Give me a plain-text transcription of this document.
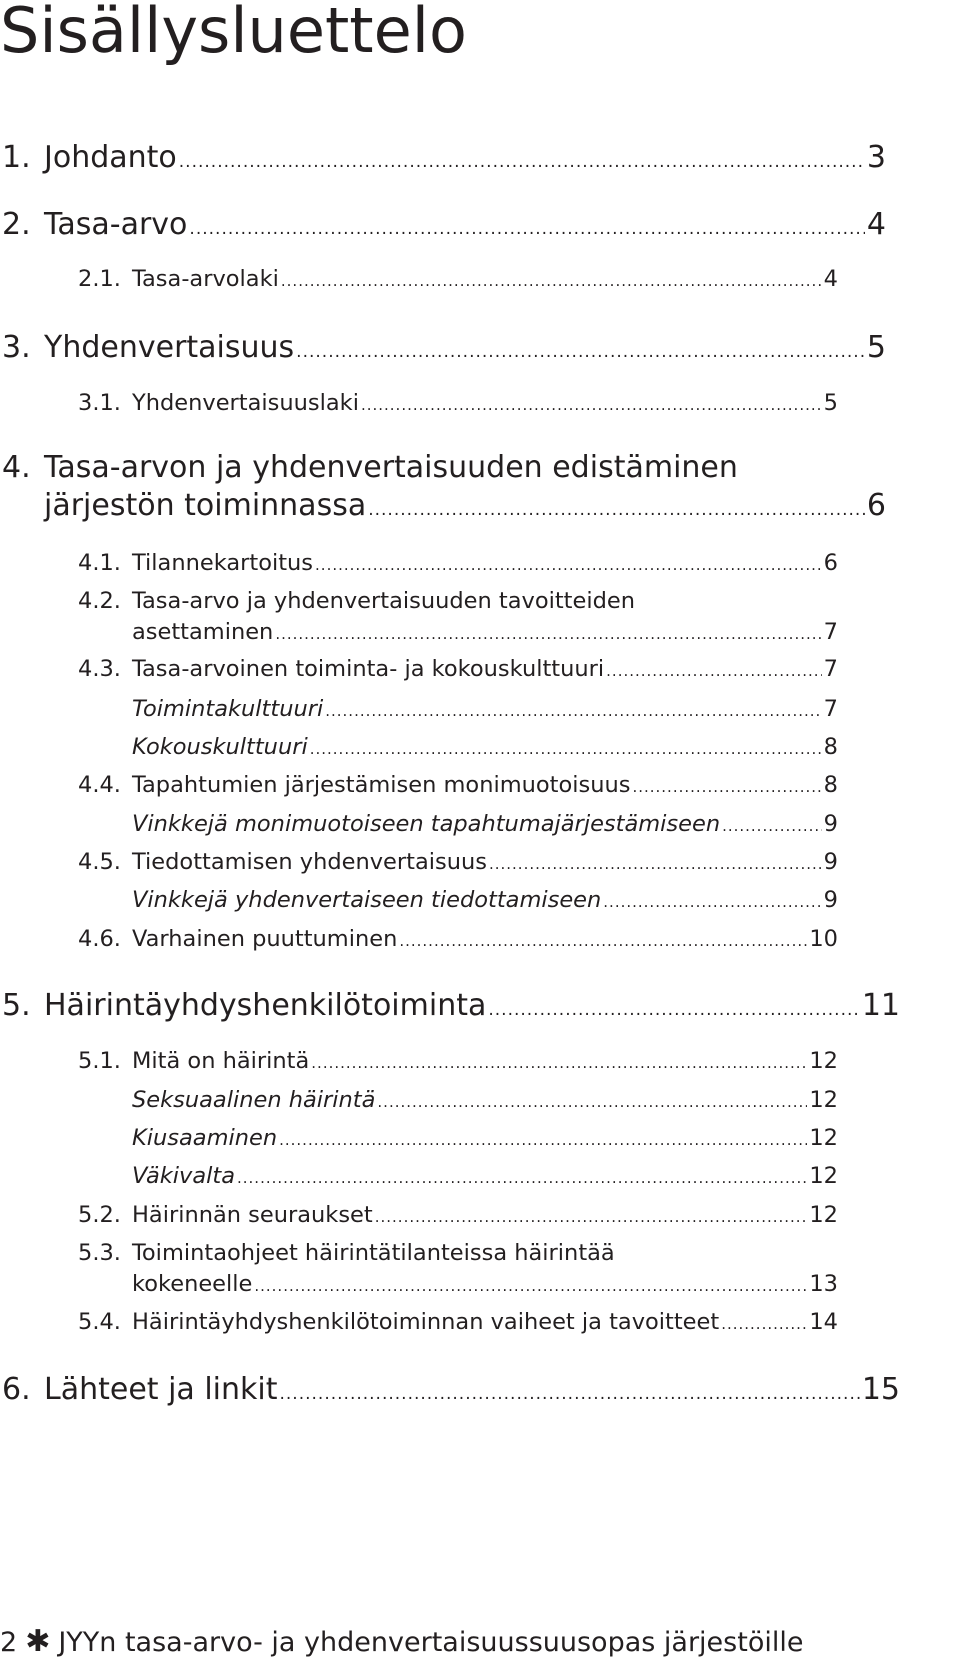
Sisällysluettelo
1. Johdanto .....	3
2. Tasa-arvo .....	4
2.1. Tasa-arvolaki .....	4
3. Yhdenvertaisuus .....	5
3.1. Yhdenvertaisuuslaki .....	5
4. Tasa-arvon ja yhdenvertaisuuden edistäminen
järjestön toiminnassa .....	6
4.1. Tilannekartoitus .....	6
4.2. Tasa-arvo ja yhdenvertaisuuden tavoitteiden
asettaminen .....	7
4.3. Tasa-arvoinen toiminta- ja kokouskulttuuri .....	7
Toimintakulttuuri .....	7
Kokouskulttuuri .....	8
4.4. Tapahtumien järjestämisen monimuotoisuus .....	8
Vinkkejä monimuotoiseen tapahtumajärjestämiseen .....	9
4.5. Tiedottamisen yhdenvertaisuus .....	9
Vinkkejä yhdenvertaiseen tiedottamiseen .....	9
4.6. Varhainen puuttuminen .....	10
5. Häirintäyhdyshenkilötoiminta .....	11
5.1. Mitä on häirintä .....	12
Seksuaalinen häirintä .....	12
Kiusaaminen .....	12
Väkivalta .....	12
5.2. Häirinnän seuraukset .....	12
5.3. Toimintaohjeet häirintätilanteissa häirintää
kokeneelle .....	13
5.4. Häirintäyhdyshenkilötoiminnan vaiheet ja tavoitteet .....	14
6. Lähteet ja linkit .....	15
2 ✱ JYYn tasa-arvo- ja yhdenvertaisuussuusopas järjestöille
